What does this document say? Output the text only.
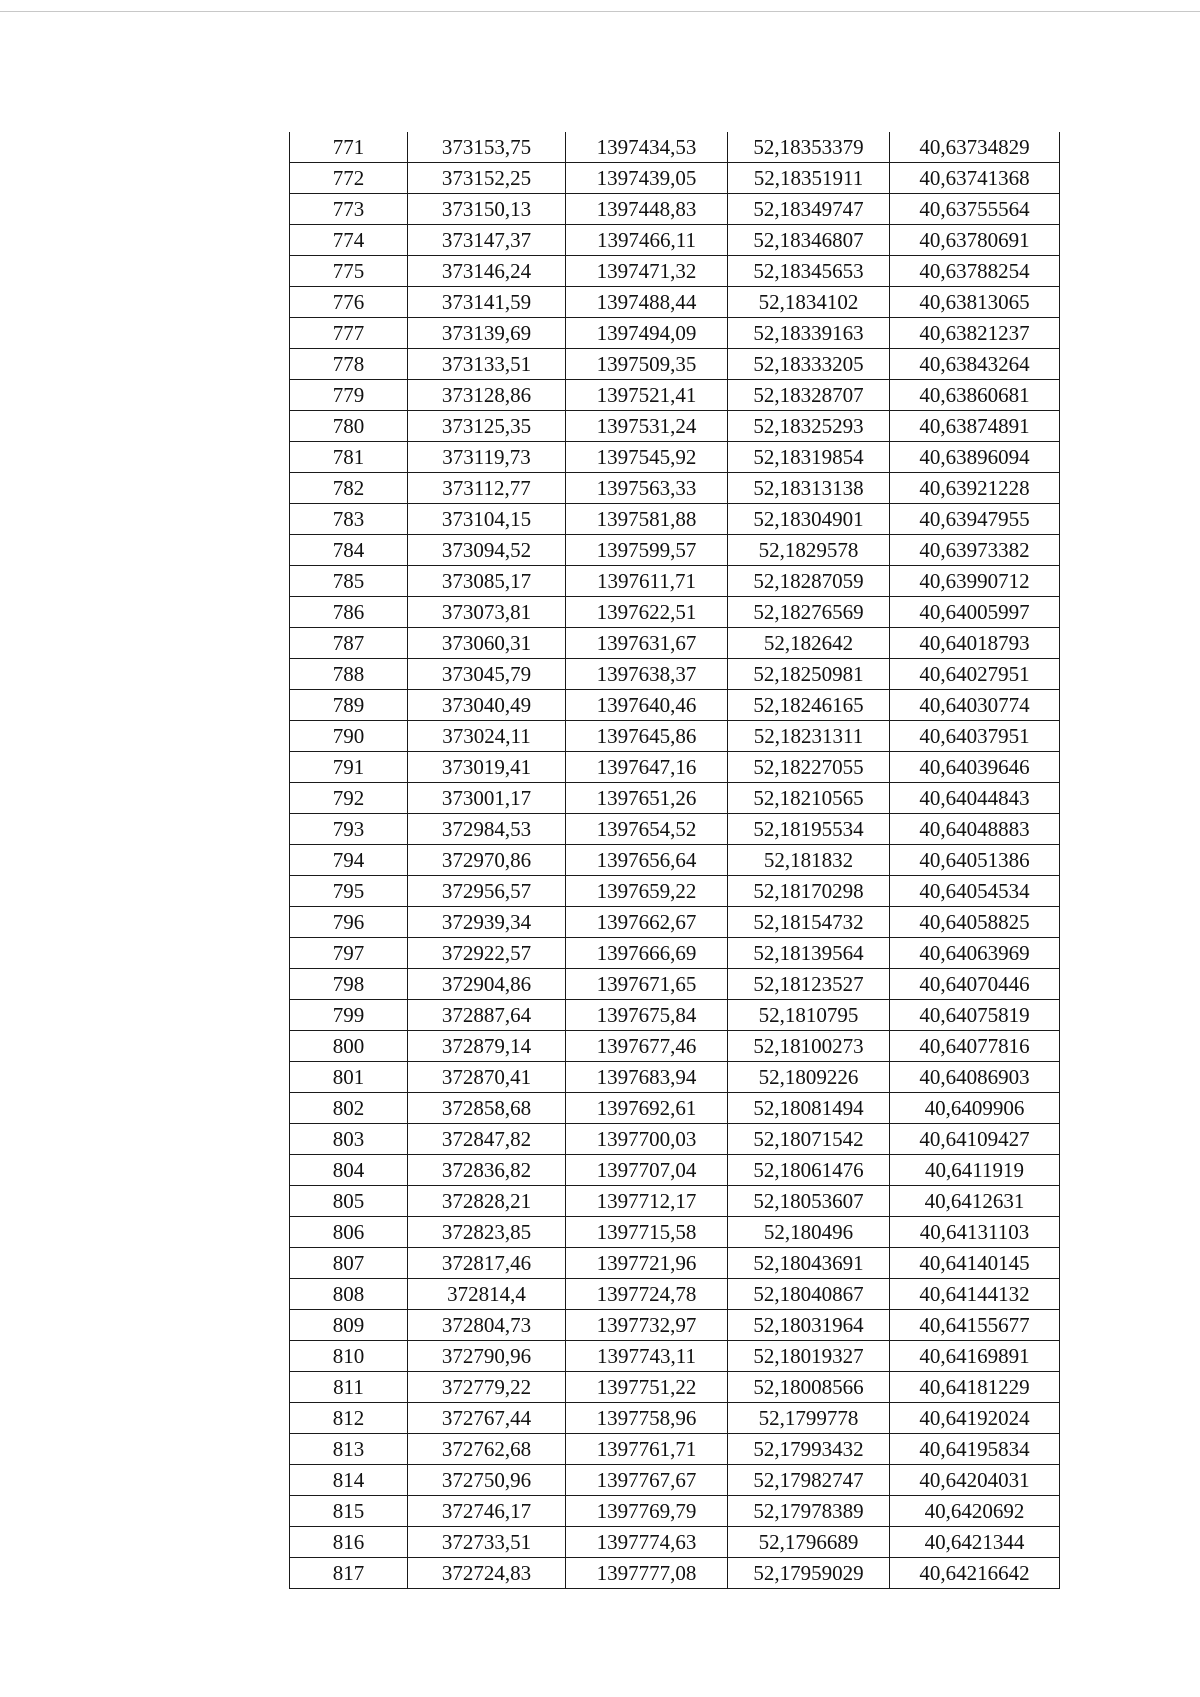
771	373153,75	1397434,53	52,18353379	40,63734829
772	373152,25	1397439,05	52,18351911	40,63741368
773	373150,13	1397448,83	52,18349747	40,63755564
774	373147,37	1397466,11	52,18346807	40,63780691
775	373146,24	1397471,32	52,18345653	40,63788254
776	373141,59	1397488,44	52,1834102	40,63813065
777	373139,69	1397494,09	52,18339163	40,63821237
778	373133,51	1397509,35	52,18333205	40,63843264
779	373128,86	1397521,41	52,18328707	40,63860681
780	373125,35	1397531,24	52,18325293	40,63874891
781	373119,73	1397545,92	52,18319854	40,63896094
782	373112,77	1397563,33	52,18313138	40,63921228
783	373104,15	1397581,88	52,18304901	40,63947955
784	373094,52	1397599,57	52,1829578	40,63973382
785	373085,17	1397611,71	52,18287059	40,63990712
786	373073,81	1397622,51	52,18276569	40,64005997
787	373060,31	1397631,67	52,182642	40,64018793
788	373045,79	1397638,37	52,18250981	40,64027951
789	373040,49	1397640,46	52,18246165	40,64030774
790	373024,11	1397645,86	52,18231311	40,64037951
791	373019,41	1397647,16	52,18227055	40,64039646
792	373001,17	1397651,26	52,18210565	40,64044843
793	372984,53	1397654,52	52,18195534	40,64048883
794	372970,86	1397656,64	52,181832	40,64051386
795	372956,57	1397659,22	52,18170298	40,64054534
796	372939,34	1397662,67	52,18154732	40,64058825
797	372922,57	1397666,69	52,18139564	40,64063969
798	372904,86	1397671,65	52,18123527	40,64070446
799	372887,64	1397675,84	52,1810795	40,64075819
800	372879,14	1397677,46	52,18100273	40,64077816
801	372870,41	1397683,94	52,1809226	40,64086903
802	372858,68	1397692,61	52,18081494	40,6409906
803	372847,82	1397700,03	52,18071542	40,64109427
804	372836,82	1397707,04	52,18061476	40,6411919
805	372828,21	1397712,17	52,18053607	40,6412631
806	372823,85	1397715,58	52,180496	40,64131103
807	372817,46	1397721,96	52,18043691	40,64140145
808	372814,4	1397724,78	52,18040867	40,64144132
809	372804,73	1397732,97	52,18031964	40,64155677
810	372790,96	1397743,11	52,18019327	40,64169891
811	372779,22	1397751,22	52,18008566	40,64181229
812	372767,44	1397758,96	52,1799778	40,64192024
813	372762,68	1397761,71	52,17993432	40,64195834
814	372750,96	1397767,67	52,17982747	40,64204031
815	372746,17	1397769,79	52,17978389	40,6420692
816	372733,51	1397774,63	52,1796689	40,6421344
817	372724,83	1397777,08	52,17959029	40,64216642
